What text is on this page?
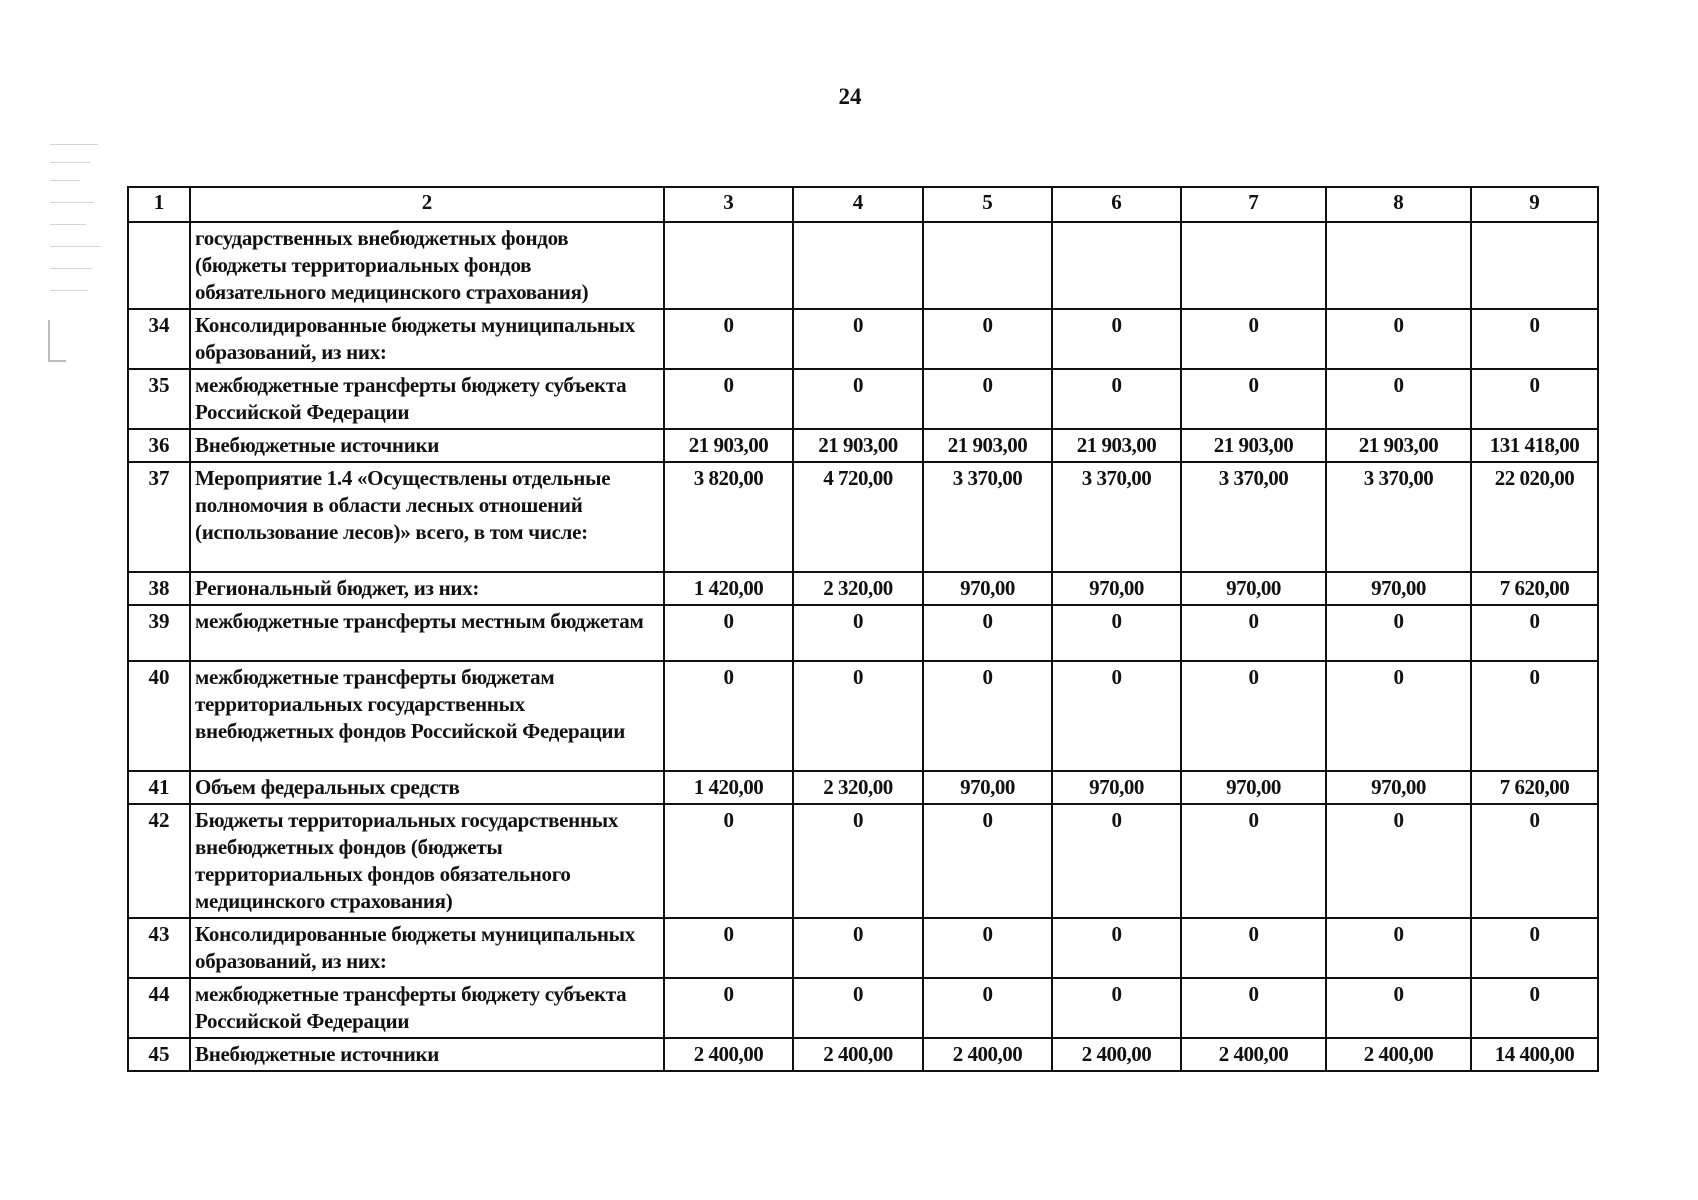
24
1	2	3	4	5	6	7	8	9
	государственных внебюджетных фондов (бюджеты территориальных фондов обязательного медицинского страхования)							
34	Консолидированные бюджеты муниципальных образований, из них:	0	0	0	0	0	0	0
35	межбюджетные трансферты бюджету субъекта Российской Федерации	0	0	0	0	0	0	0
36	Внебюджетные источники	21 903,00	21 903,00	21 903,00	21 903,00	21 903,00	21 903,00	131 418,00
37	Мероприятие 1.4 «Осуществлены отдельные полномочия в области лесных отношений (использование лесов)» всего, в том числе:	3 820,00	4 720,00	3 370,00	3 370,00	3 370,00	3 370,00	22 020,00
38	Региональный бюджет, из них:	1 420,00	2 320,00	970,00	970,00	970,00	970,00	7 620,00
39	межбюджетные трансферты местным бюджетам	0	0	0	0	0	0	0
40	межбюджетные трансферты бюджетам территориальных государственных внебюджетных фондов Российской Федерации	0	0	0	0	0	0	0
41	Объем федеральных средств	1 420,00	2 320,00	970,00	970,00	970,00	970,00	7 620,00
42	Бюджеты территориальных государственных внебюджетных фондов (бюджеты территориальных фондов обязательного медицинского страхования)	0	0	0	0	0	0	0
43	Консолидированные бюджеты муниципальных образований, из них:	0	0	0	0	0	0	0
44	межбюджетные трансферты бюджету субъекта Российской Федерации	0	0	0	0	0	0	0
45	Внебюджетные источники	2 400,00	2 400,00	2 400,00	2 400,00	2 400,00	2 400,00	14 400,00
